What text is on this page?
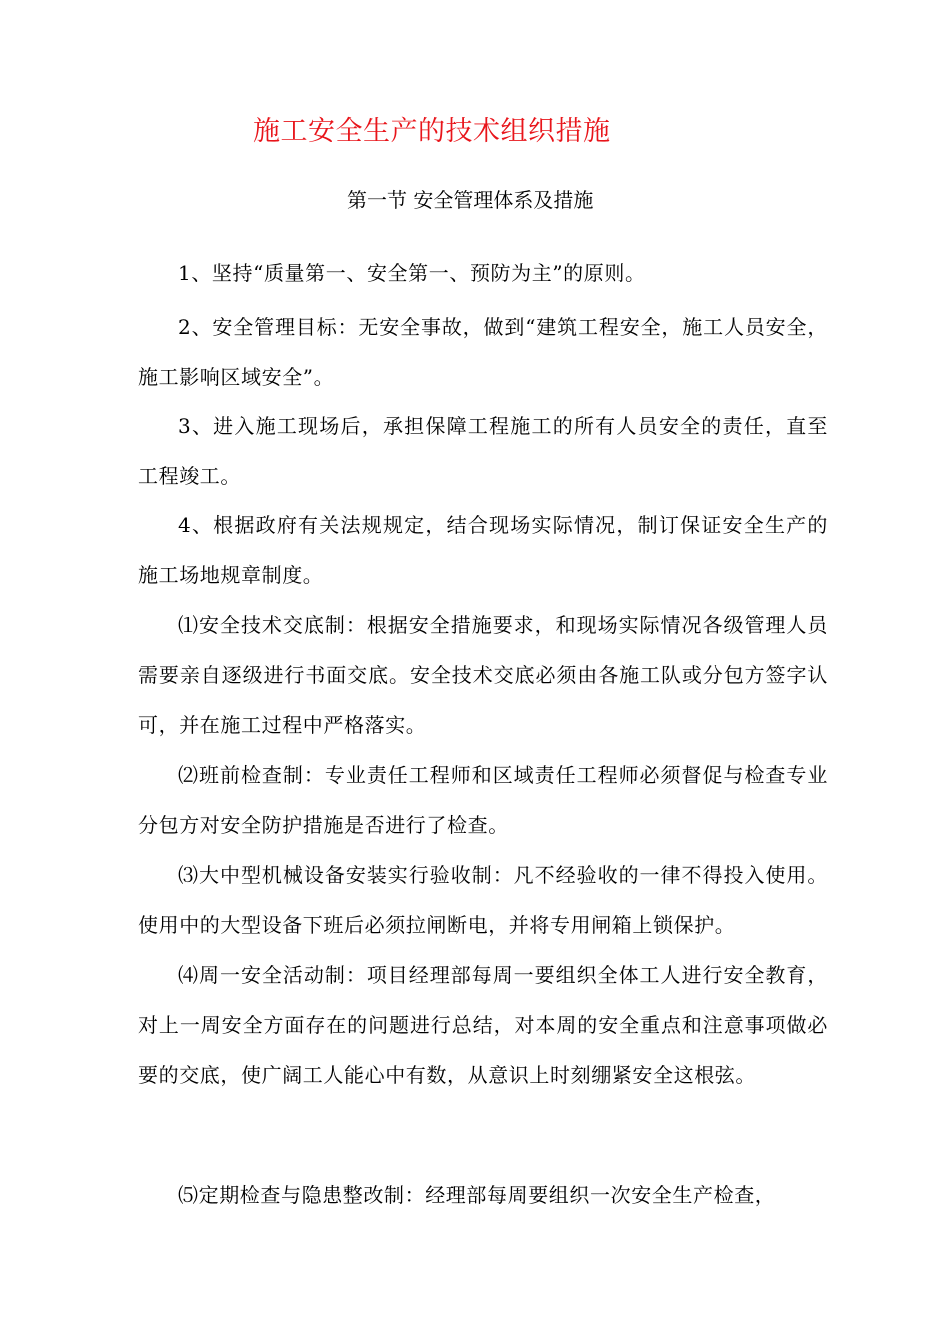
施工安全生产的技术组织措施
第一节 安全管理体系及措施

1、坚持“质量第一、安全第一、预防为主”的原则。

2、安全管理目标：无安全事故，做到“建筑工程安全，施工人员安全，施工影响区域安全”。

3、进入施工现场后，承担保障工程施工的所有人员安全的责任，直至工程竣工。

4、根据政府有关法规规定，结合现场实际情况，制订保证安全生产的施工场地规章制度。

⑴安全技术交底制：根据安全措施要求，和现场实际情况各级管理人员需要亲自逐级进行书面交底。安全技术交底必须由各施工队或分包方签字认可，并在施工过程中严格落实。

⑵班前检查制：专业责任工程师和区域责任工程师必须督促与检查专业分包方对安全防护措施是否进行了检查。

⑶大中型机械设备安装实行验收制：凡不经验收的一律不得投入使用。使用中的大型设备下班后必须拉闸断电，并将专用闸箱上锁保护。

⑷周一安全活动制：项目经理部每周一要组织全体工人进行安全教育，对上一周安全方面存在的问题进行总结，对本周的安全重点和注意事项做必要的交底，使广阔工人能心中有数，从意识上时刻绷紧安全这根弦。

⑸定期检查与隐患整改制：经理部每周要组织一次安全生产检查，
